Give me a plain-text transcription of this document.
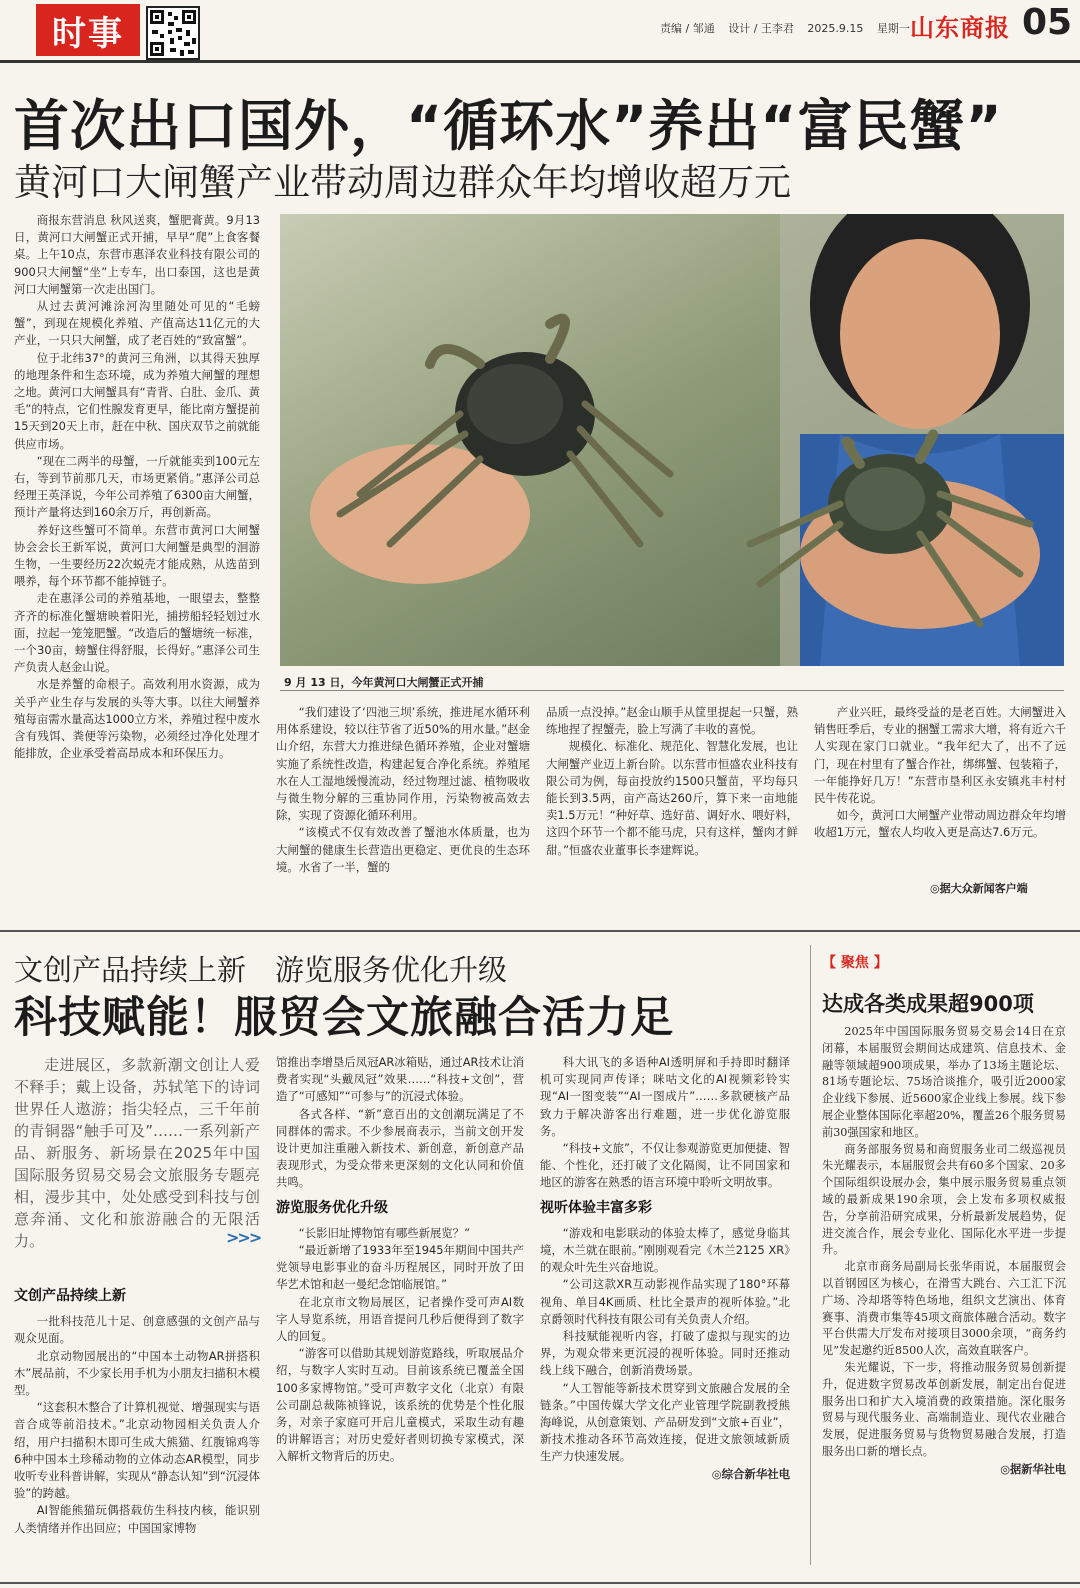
时事	责编 / 邹通 设计 / 王李君 2025.9.15 星期一 山东商报 05
首次出口国外，“循环水”养出“富民蟹”
黄河口大闸蟹产业带动周边群众年均增收超万元

商报东营消息 秋风送爽，蟹肥膏黄。9月13日，黄河口大闸蟹正式开捕，早早“爬”上食客餐桌。上午10点，东营市惠泽农业科技有限公司的900只大闸蟹“坐”上专车，出口泰国，这也是黄河口大闸蟹第一次走出国门。

从过去黄河滩涂河沟里随处可见的“毛螃蟹”，到现在规模化养殖、产值高达11亿元的大产业，一只只大闸蟹，成了老百姓的“致富蟹”。

位于北纬37°的黄河三角洲，以其得天独厚的地理条件和生态环境，成为养殖大闸蟹的理想之地。黄河口大闸蟹具有“青背、白肚、金爪、黄毛”的特点，它们性腺发育更早，能比南方蟹提前15天到20天上市，赶在中秋、国庆双节之前就能供应市场。

“现在二两半的母蟹，一斤就能卖到100元左右，等到节前那几天，市场更紧俏。”惠泽公司总经理王英泽说，今年公司养殖了6300亩大闸蟹，预计产量将达到160余万斤，再创新高。

养好这些蟹可不简单。东营市黄河口大闸蟹协会会长王新军说，黄河口大闸蟹是典型的洄游生物，一生要经历22次蜕壳才能成熟，从选苗到喂养，每个环节都不能掉链子。

走在惠泽公司的养殖基地，一眼望去，整整齐齐的标准化蟹塘映着阳光，捕捞船轻轻划过水面，拉起一笼笼肥蟹。“改造后的蟹塘统一标准，一个30亩，螃蟹住得舒服，长得好。”惠泽公司生产负责人赵金山说。

水是养蟹的命根子。高效利用水资源，成为关乎产业生存与发展的头等大事。以往大闸蟹养殖每亩需水量高达1000立方米，养殖过程中废水含有残饵、粪便等污染物，必须经过净化处理才能排放，企业承受着高昂成本和环保压力。

9 月 13 日，今年黄河口大闸蟹正式开捕

“我们建设了‘四池三坝’系统，推进尾水循环利用体系建设，较以往节省了近50%的用水量。”赵金山介绍，东营大力推进绿色循环养殖，企业对蟹塘实施了系统性改造，构建起复合净化系统。养殖尾水在人工湿地缓慢流动，经过物理过滤、植物吸收与微生物分解的三重协同作用，污染物被高效去除，实现了资源化循环利用。

“该模式不仅有效改善了蟹池水体质量，也为大闸蟹的健康生长营造出更稳定、更优良的生态环境。水省了一半，蟹的

品质一点没掉。”赵金山顺手从筐里提起一只蟹，熟练地捏了捏蟹壳，脸上写满了丰收的喜悦。

规模化、标准化、规范化、智慧化发展，也让大闸蟹产业迈上新台阶。以东营市恒盛农业科技有限公司为例，每亩投放约1500只蟹苗，平均每只能长到3.5两，亩产高达260斤，算下来一亩地能卖1.5万元！“种好草、选好苗、调好水、喂好料，这四个环节一个都不能马虎，只有这样，蟹肉才鲜甜。”恒盛农业董事长李建辉说。

产业兴旺，最终受益的是老百姓。大闸蟹进入销售旺季后，专业的捆蟹工需求大增，将有近六千人实现在家门口就业。“我年纪大了，出不了远门，现在村里有了蟹合作社，绑绑蟹、包装箱子，一年能挣好几万！”东营市垦利区永安镇兆丰村村民牛传花说。

如今，黄河口大闸蟹产业带动周边群众年均增收超1万元，蟹农人均收入更是高达7.6万元。

◎据大众新闻客户端
文创产品持续上新　游览服务优化升级
科技赋能！服贸会文旅融合活力足

走进展区，多款新潮文创让人爱不释手；戴上设备，苏轼笔下的诗词世界任人遨游；指尖轻点，三千年前的青铜器“触手可及”……一系列新产品、新服务、新场景在2025年中国国际服务贸易交易会文旅服务专题亮相，漫步其中，处处感受到科技与创意奔涌、文化和旅游融合的无限活力。

文创产品持续上新

一批科技范儿十足、创意感强的文创产品与观众见面。

北京动物园展出的“中国本土动物AR拼搭积木”展品前，不少家长用手机为小朋友扫描积木模型。

“这套积木整合了计算机视觉、增强现实与语音合成等前沿技术。”北京动物园相关负责人介绍，用户扫描积木即可生成大熊猫、红腹锦鸡等6种中国本土珍稀动物的立体动态AR模型，同步收听专业科普讲解，实现从“静态认知”到“沉浸体验”的跨越。

AI智能熊猫玩偶搭载仿生科技内核，能识别人类情绪并作出回应；中国国家博物

>>>

馆推出李增垦后凤冠AR冰箱贴，通过AR技术让消费者实现“头戴凤冠”效果……“科技+文创”，营造了“可感知”“可参与”的沉浸式体验。

各式各样、“新”意百出的文创潮玩满足了不同群体的需求。不少参展商表示，当前文创开发设计更加注重融入新技术、新创意，新创意产品表现形式，为受众带来更深刻的文化认同和价值共鸣。

游览服务优化升级

“长影旧址博物馆有哪些新展览？”

“最近新增了1933年至1945年期间中国共产党领导电影事业的奋斗历程展区，同时开放了田华艺术馆和赵一曼纪念馆临展馆。”

在北京市文物局展区，记者操作受可声AI数字人导览系统，用语音提问几秒后便得到了数字人的回复。

“游客可以借助其规划游览路线，听取展品介绍，与数字人实时互动。目前该系统已覆盖全国100多家博物馆。”受可声数字文化（北京）有限公司副总裁陈祯锋说，该系统的优势是个性化服务，对亲子家庭可开启儿童模式，采取生动有趣的讲解语言；对历史爱好者则切换专家模式，深入解析文物背后的历史。

科大讯飞的多语种AI透明屏和手持即时翻译机可实现同声传译；咪咕文化的AI视频彩铃实现“AI一图变装”“AI一图成片”……多款硬核产品致力于解决游客出行难题，进一步优化游览服务。

“科技+文旅”，不仅让参观游览更加便捷、智能、个性化，还打破了文化隔阂，让不同国家和地区的游客在熟悉的语言环境中聆听文明故事。

视听体验丰富多彩

“游戏和电影联动的体验太棒了，感觉身临其境，木兰就在眼前。”刚刚观看完《木兰2125 XR》的观众叶先生兴奋地说。

“公司这款XR互动影视作品实现了180°环幕视角、单目4K画质、杜比全景声的视听体验。”北京爵领时代科技有限公司有关负责人介绍。

科技赋能视听内容，打破了虚拟与现实的边界，为观众带来更沉浸的视听体验。同时还推动线上线下融合，创新消费场景。

“人工智能等新技术贯穿到文旅融合发展的全链条。”中国传媒大学文化产业管理学院副教授熊海峰说，从创意策划、产品研发到“文旅+百业”，新技术推动各环节高效连接，促进文旅领域新质生产力快速发展。

◎综合新华社电

【 聚焦 】
达成各类成果超900项

2025年中国国际服务贸易交易会14日在京闭幕，本届服贸会期间达成建筑、信息技术、金融等领域超900项成果，举办了13场主题论坛、81场专题论坛、75场洽谈推介，吸引近2000家企业线下参展、近5600家企业线上参展。线下参展企业整体国际化率超20%，覆盖26个服务贸易前30强国家和地区。

商务部服务贸易和商贸服务业司二级巡视员朱光耀表示，本届服贸会共有60多个国家、20多个国际组织设展办会，集中展示服务贸易重点领域的最新成果190余项，会上发布多项权威报告，分享前沿研究成果，分析最新发展趋势，促进交流合作，展会专业化、国际化水平进一步提升。

北京市商务局副局长张华雨说，本届服贸会以首钢园区为核心，在滑雪大跳台、六工汇下沉广场、冷却塔等特色场地，组织文艺演出、体育赛事、消费市集等45项文商旅体融合活动。数字平台供需大厅发布对接项目3000余项，“商务约见”发起邀约近8500人次，高效直联客户。

朱光耀说，下一步，将推动服务贸易创新提升，促进数字贸易改革创新发展，制定出台促进服务出口和扩大入境消费的政策措施。深化服务贸易与现代服务业、高端制造业、现代农业融合发展，促进服务贸易与货物贸易融合发展，打造服务出口新的增长点。

◎据新华社电
